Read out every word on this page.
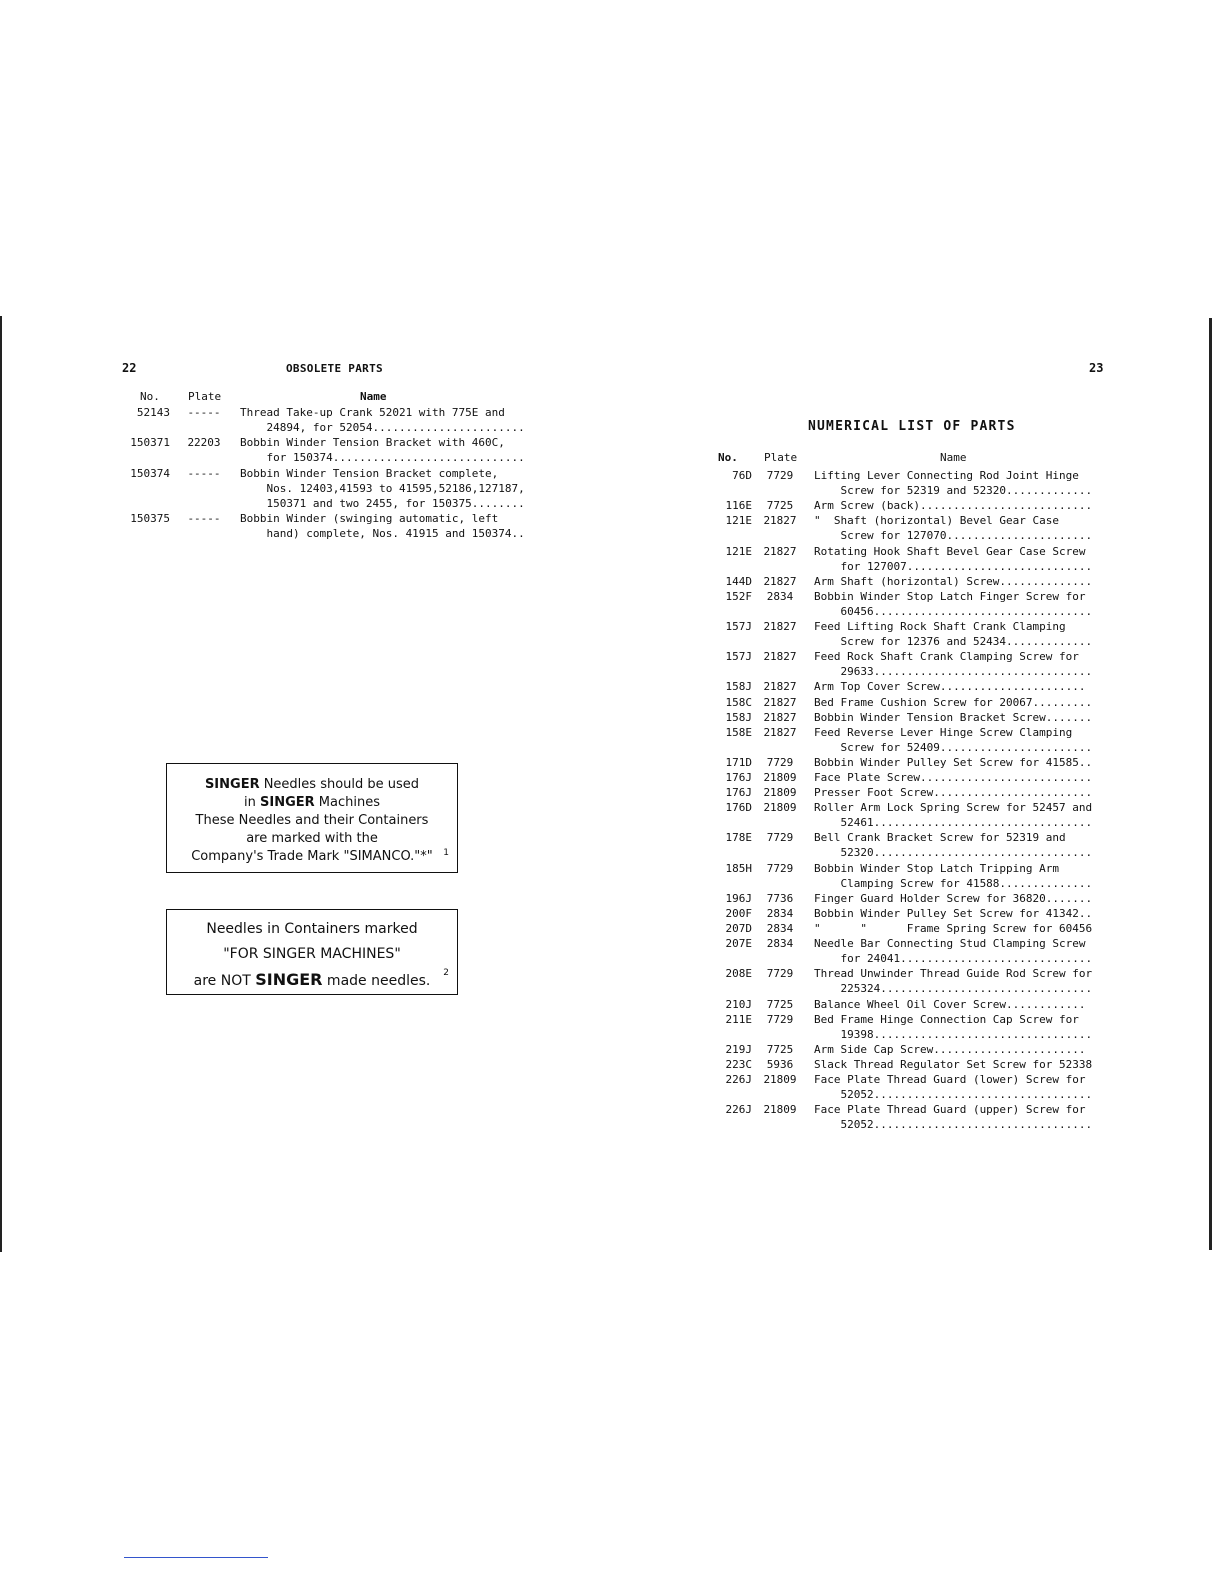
22	OBSOLETE PARTS
No.	Plate	Name
52143	-----	Thread Take-up Crank 52021 with 775E and
24894, for 52054.......................
150371	22203	Bobbin Winder Tension Bracket with 460C,
for 150374.............................
150374	-----	Bobbin Winder Tension Bracket complete,
Nos. 12403,41593 to 41595,52186,127187,
150371 and two 2455, for 150375........
150375	-----	Bobbin Winder (swinging automatic, left
hand) complete, Nos. 41915 and 150374..
SINGER Needles should be used
in SINGER Machines
These Needles and their Containers
are marked with the
Company's Trade Mark "SIMANCO."*"	1
Needles in Containers marked
"FOR SINGER MACHINES"
are NOT SINGER made needles.	2
23
NUMERICAL LIST OF PARTS
No. Plate	Name
76D	7729	Lifting Lever Connecting Rod Joint Hinge
Screw for 52319 and 52320.............
116E	7725	Arm Screw (back)..........................
121E	21827	"  Shaft (horizontal) Bevel Gear Case
Screw for 127070......................
121E	21827	Rotating Hook Shaft Bevel Gear Case Screw
for 127007............................
144D	21827	Arm Shaft (horizontal) Screw..............
152F	2834	Bobbin Winder Stop Latch Finger Screw for
60456.................................
157J	21827	Feed Lifting Rock Shaft Crank Clamping
Screw for 12376 and 52434.............
157J	21827	Feed Rock Shaft Crank Clamping Screw for
29633.................................
158J	21827	Arm Top Cover Screw......................
158C	21827	Bed Frame Cushion Screw for 20067.........
158J	21827	Bobbin Winder Tension Bracket Screw.......
158E	21827	Feed Reverse Lever Hinge Screw Clamping
Screw for 52409.......................
171D	7729	Bobbin Winder Pulley Set Screw for 41585..
176J	21809	Face Plate Screw..........................
176J	21809	Presser Foot Screw........................
176D	21809	Roller Arm Lock Spring Screw for 52457 and
52461.................................
178E	7729	Bell Crank Bracket Screw for 52319 and
52320.................................
185H	7729	Bobbin Winder Stop Latch Tripping Arm
Clamping Screw for 41588..............
196J	7736	Finger Guard Holder Screw for 36820.......
200F	2834	Bobbin Winder Pulley Set Screw for 41342..
207D	2834	"      "      Frame Spring Screw for 60456
207E	2834	Needle Bar Connecting Stud Clamping Screw
for 24041.............................
208E	7729	Thread Unwinder Thread Guide Rod Screw for
225324................................
210J	7725	Balance Wheel Oil Cover Screw............
211E	7729	Bed Frame Hinge Connection Cap Screw for
19398.................................
219J	7725	Arm Side Cap Screw.......................
223C	5936	Slack Thread Regulator Set Screw for 52338
226J	21809	Face Plate Thread Guard (lower) Screw for
52052.................................
226J	21809	Face Plate Thread Guard (upper) Screw for
52052.................................
